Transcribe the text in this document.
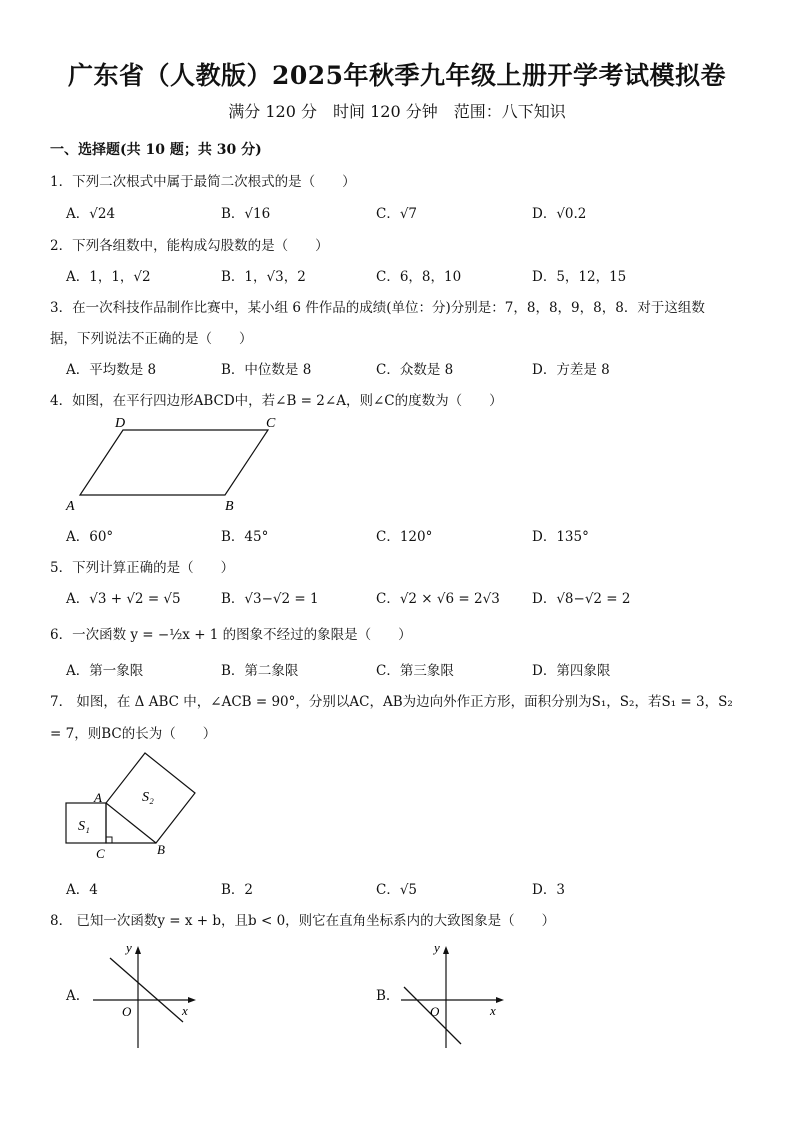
广东省（人教版）2025年秋季九年级上册开学考试模拟卷
满分 120 分　时间 120 分钟　范围：八下知识
一、选择题(共 10 题；共 30 分)
1．下列二次根式中属于最简二次根式的是（　　）
A．√24	B．√16	C．√7	D．√0.2
2．下列各组数中，能构成勾股数的是（　　）
A．1，1，√2	B．1，√3，2	C．6，8，10	D．5，12，15
3．在一次科技作品制作比赛中，某小组 6 件作品的成绩(单位：分)分别是：7，8，8，9，8，8．对于这组数
据，下列说法不正确的是（　　）
A．平均数是 8	B．中位数是 8	C．众数是 8	D．方差是 8
4．如图，在平行四边形ABCD中，若∠B = 2∠A，则∠C的度数为（　　）
D	C
A	B
A．60°	B．45°	C．120°	D．135°
5．下列计算正确的是（　　）
A．√3 + √2 = √5	B．√3−√2 = 1	C．√2 × √6 = 2√3 D．√8−√2 = 2
6．一次函数 y = −½x + 1 的图象不经过的象限是（　　）
A．第一象限	B．第二象限	C．第三象限	D．第四象限
7． 如图，在 Δ ABC 中，∠ACB = 90°，分别以AC，AB为边向外作正方形，面积分别为S₁，S₂，若S₁ = 3，S₂
= 7，则BC的长为（　　）
A	S₂
S₁
C	B
A．4	B．2	C．√5	D．3
8． 已知一次函数y = x + b，且b < 0，则它在直角坐标系内的大致图象是（　　）
A.
y
x
O
B.
y
x
O
